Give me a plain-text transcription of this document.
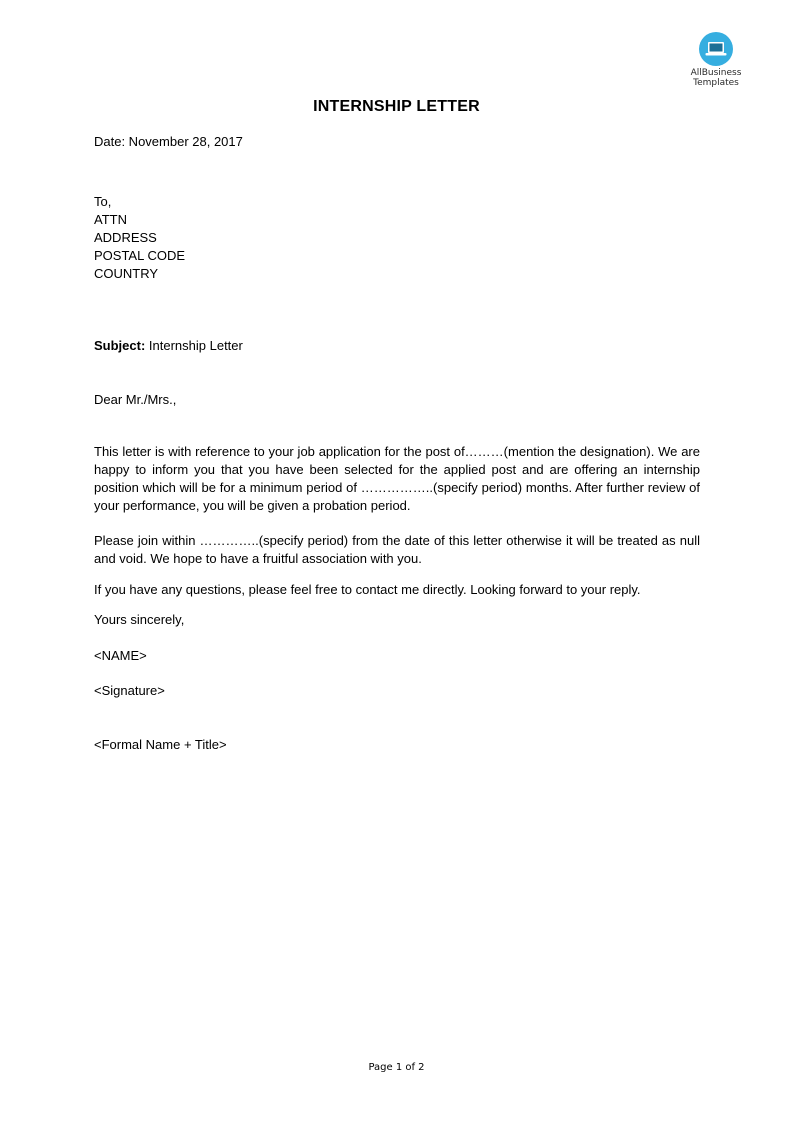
AllBusiness
Templates
INTERNSHIP LETTER
Date: November 28, 2017
To,
ATTN
ADDRESS
POSTAL CODE
COUNTRY
Subject: Internship Letter
Dear Mr./Mrs.,
This letter is with reference to your job application for the post of………(mention the designation). We are happy to inform you that you have been selected for the applied post and are offering an internship position which will be for a minimum period of ……………..(specify period) months. After further review of your performance, you will be given a probation period.
Please join within …………..(specify period) from the date of this letter otherwise it will be treated as null and void. We hope to have a fruitful association with you.
If you have any questions, please feel free to contact me directly. Looking forward to your reply.
Yours sincerely,
<NAME>
<Signature>
<Formal Name + Title>
Page 1 of 2
